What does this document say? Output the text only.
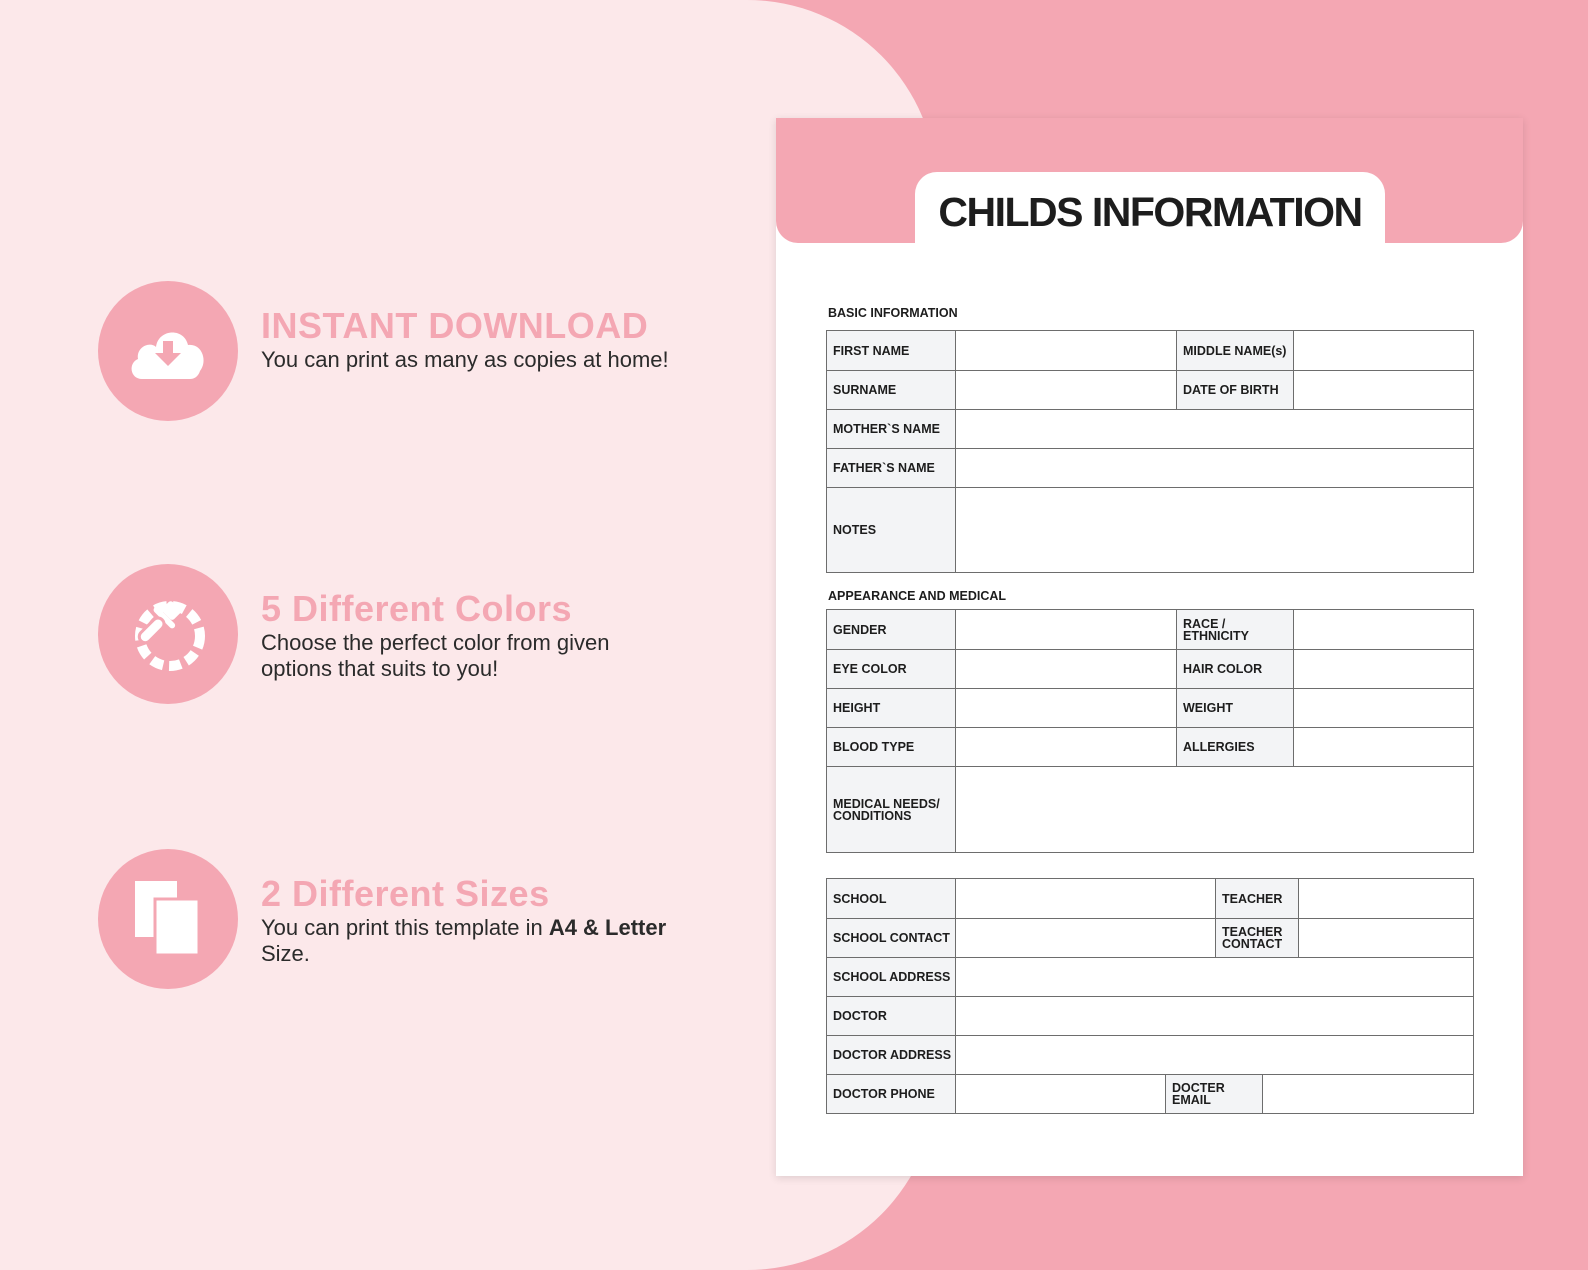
INSTANT DOWNLOAD
You can print as many as copies at home!
5 Different Colors
Choose the perfect color from given options that suits to you!
2 Different Sizes
You can print this template in A4 & Letter Size.
CHILDS INFORMATION
BASIC INFORMATION
FIRST NAME	MIDDLE NAME(s)
SURNAME	DATE OF BIRTH
MOTHER`S NAME
FATHER`S NAME
NOTES
APPEARANCE AND MEDICAL
GENDER	RACE / ETHNICITY
EYE COLOR	HAIR COLOR
HEIGHT	WEIGHT
BLOOD TYPE	ALLERGIES
MEDICAL NEEDS/ CONDITIONS
SCHOOL	TEACHER
SCHOOL CONTACT	TEACHER CONTACT
SCHOOL ADDRESS
DOCTOR
DOCTOR ADDRESS
DOCTOR PHONE	DOCTER EMAIL
